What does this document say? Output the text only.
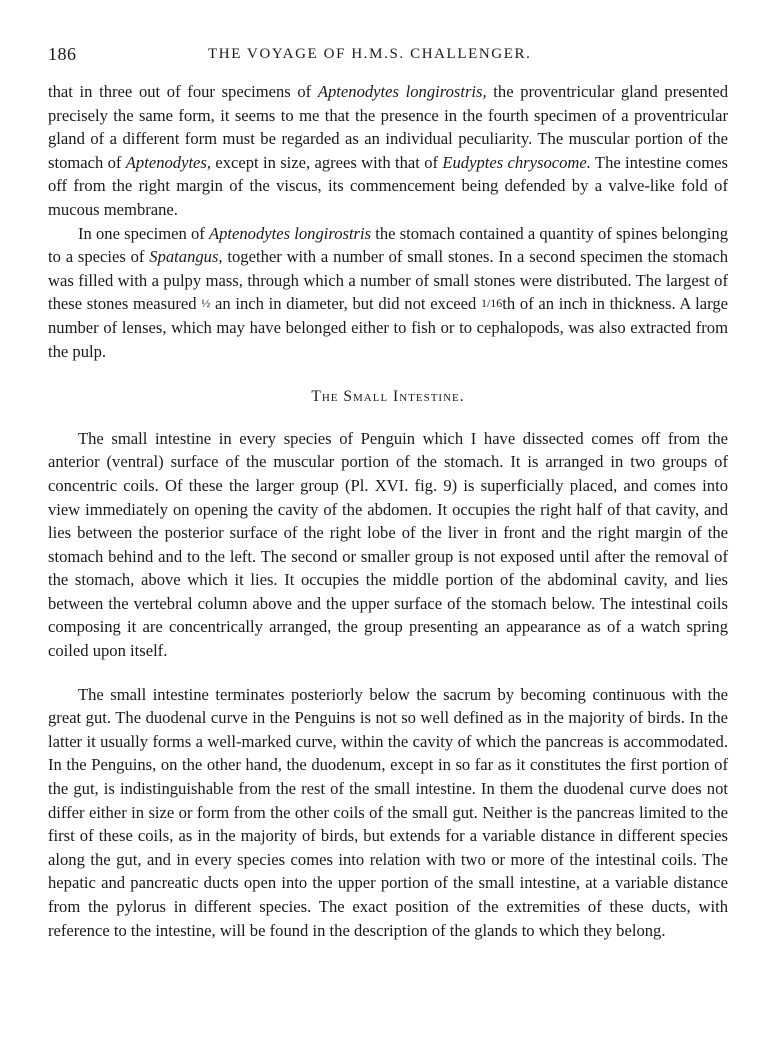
186	THE VOYAGE OF H.M.S. CHALLENGER.

that in three out of four specimens of Aptenodytes longirostris, the proventricular gland presented precisely the same form, it seems to me that the presence in the fourth specimen of a proventricular gland of a different form must be regarded as an individual peculiarity. The muscular portion of the stomach of Aptenodytes, except in size, agrees with that of Eudyptes chrysocome. The intestine comes off from the right margin of the viscus, its commencement being defended by a valve-like fold of mucous membrane.

In one specimen of Aptenodytes longirostris the stomach contained a quantity of spines belonging to a species of Spatangus, together with a number of small stones. In a second specimen the stomach was filled with a pulpy mass, through which a number of small stones were distributed. The largest of these stones measured ½ an inch in diameter, but did not exceed 1/16th of an inch in thickness. A large number of lenses, which may have belonged either to fish or to cephalopods, was also extracted from the pulp.

The Small Intestine.

The small intestine in every species of Penguin which I have dissected comes off from the anterior (ventral) surface of the muscular portion of the stomach. It is arranged in two groups of concentric coils. Of these the larger group (Pl. XVI. fig. 9) is superficially placed, and comes into view immediately on opening the cavity of the abdomen. It occupies the right half of that cavity, and lies between the posterior surface of the right lobe of the liver in front and the right margin of the stomach behind and to the left. The second or smaller group is not exposed until after the removal of the stomach, above which it lies. It occupies the middle portion of the abdominal cavity, and lies between the vertebral column above and the upper surface of the stomach below. The intestinal coils composing it are concentrically arranged, the group presenting an appearance as of a watch spring coiled upon itself.

The small intestine terminates posteriorly below the sacrum by becoming continuous with the great gut. The duodenal curve in the Penguins is not so well defined as in the majority of birds. In the latter it usually forms a well-marked curve, within the cavity of which the pancreas is accommodated. In the Penguins, on the other hand, the duodenum, except in so far as it constitutes the first portion of the gut, is indistinguishable from the rest of the small intestine. In them the duodenal curve does not differ either in size or form from the other coils of the small gut. Neither is the pancreas limited to the first of these coils, as in the majority of birds, but extends for a variable distance in different species along the gut, and in every species comes into relation with two or more of the intestinal coils. The hepatic and pancreatic ducts open into the upper portion of the small intestine, at a variable distance from the pylorus in different species. The exact position of the extremities of these ducts, with reference to the intestine, will be found in the description of the glands to which they belong.
